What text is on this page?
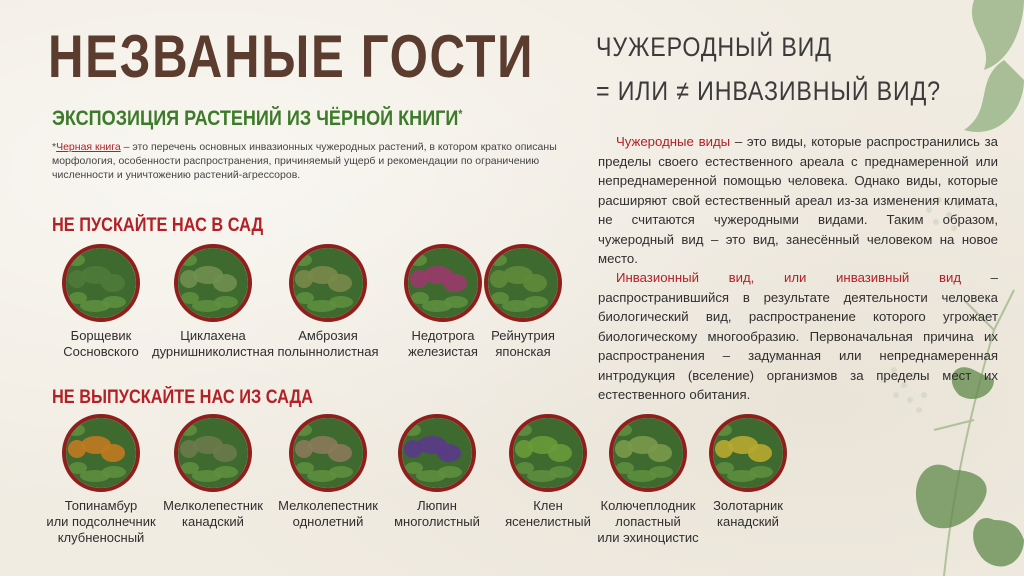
НЕЗВАНЫЕ ГОСТИ
ЭКСПОЗИЦИЯ РАСТЕНИЙ ИЗ ЧЁРНОЙ КНИГИ*
*Черная книга – это перечень основных инвазионных чужеродных растений, в котором кратко описаны морфология, особенности распространения, причиняемый ущерб и рекомендации по ограничению численности и уничтожению растений-агрессоров.
НЕ ПУСКАЙТЕ НАС В САД
Борщевик
Сосновского
Циклахена
дурнишниколистная
Амброзия
полыннолистная
Недотрога
железистая
Рейнутрия
японская
НЕ ВЫПУСКАЙТЕ НАС ИЗ САДА
Топинамбур
или подсолнечник
клубненосный
Мелколепестник
канадский
Мелколепестник
однолетний
Люпин
многолистный
Клен
ясенелистный
Колючеплодник
лопастный
или эхиноцистис
Золотарник
канадский
ЧУЖЕРОДНЫЙ ВИД
= ИЛИ ≠ ИНВАЗИВНЫЙ ВИД?
Чужеродные виды – это виды, которые распространились за пределы своего естественного ареала с преднамеренной или непреднамеренной помощью человека. Однако виды, которые расширяют свой естественный ареал из-за изменения климата, не считаются чужеродными видами. Таким образом, чужеродный вид – это вид, занесённый человеком на новое место.
Инвазионный вид, или инвазивный вид – распространившийся в результате деятельности человека биологический вид, распространение которого угрожает биологическому многообразию. Первоначальная причина их распространения – задуманная или непреднамеренная интродукция (вселение) организмов за пределы мест их естественного обитания.
